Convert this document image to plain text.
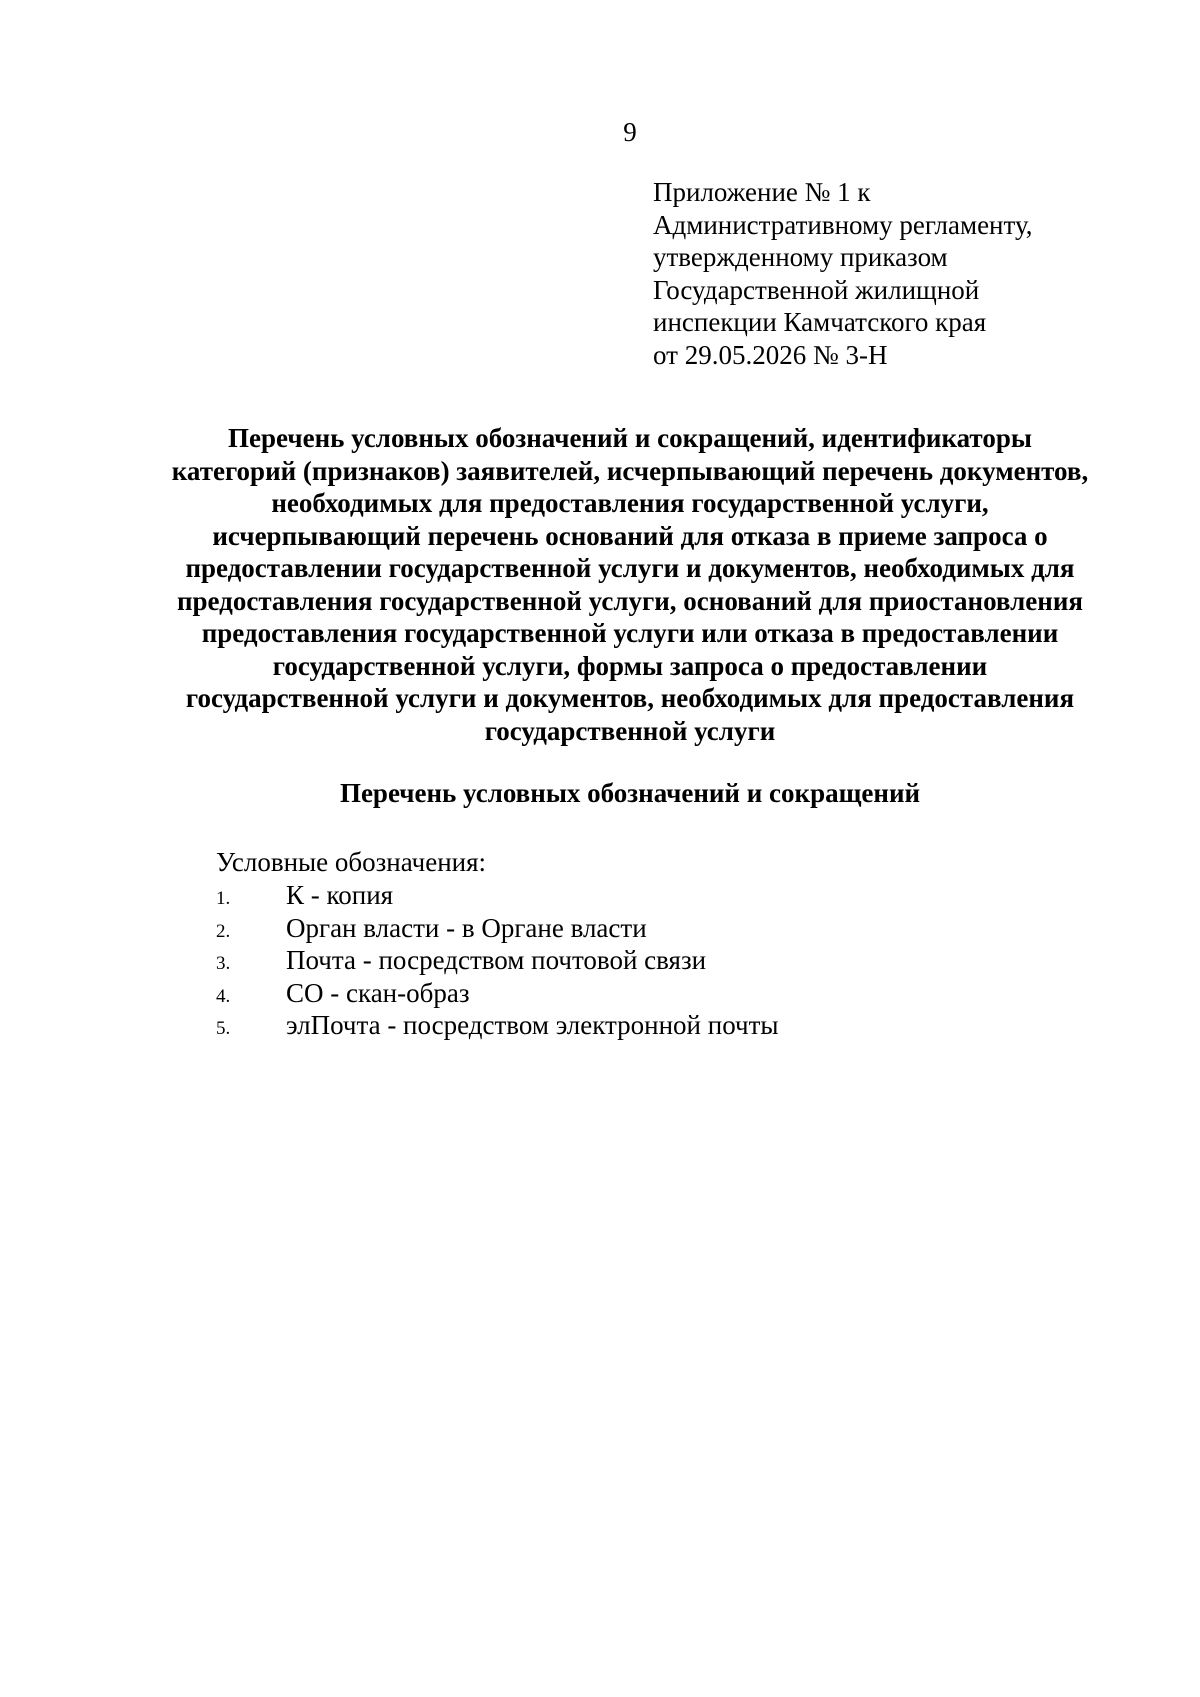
9
Приложение № 1 к
Административному регламенту,
утвержденному приказом
Государственной жилищной
инспекции Камчатского края
от 29.05.2026 № 3-Н
Перечень условных обозначений и сокращений, идентификаторы
категорий (признаков) заявителей, исчерпывающий перечень документов,
необходимых для предоставления государственной услуги,
исчерпывающий перечень оснований для отказа в приеме запроса о
предоставлении государственной услуги и документов, необходимых для
предоставления государственной услуги, оснований для приостановления
предоставления государственной услуги или отказа в предоставлении
государственной услуги, формы запроса о предоставлении
государственной услуги и документов, необходимых для предоставления
государственной услуги
Перечень условных обозначений и сокращений
Условные обозначения:
1. К - копия
2. Орган власти - в Органе власти
3. Почта - посредством почтовой связи
4. СО - скан-образ
5. элПочта - посредством электронной почты
